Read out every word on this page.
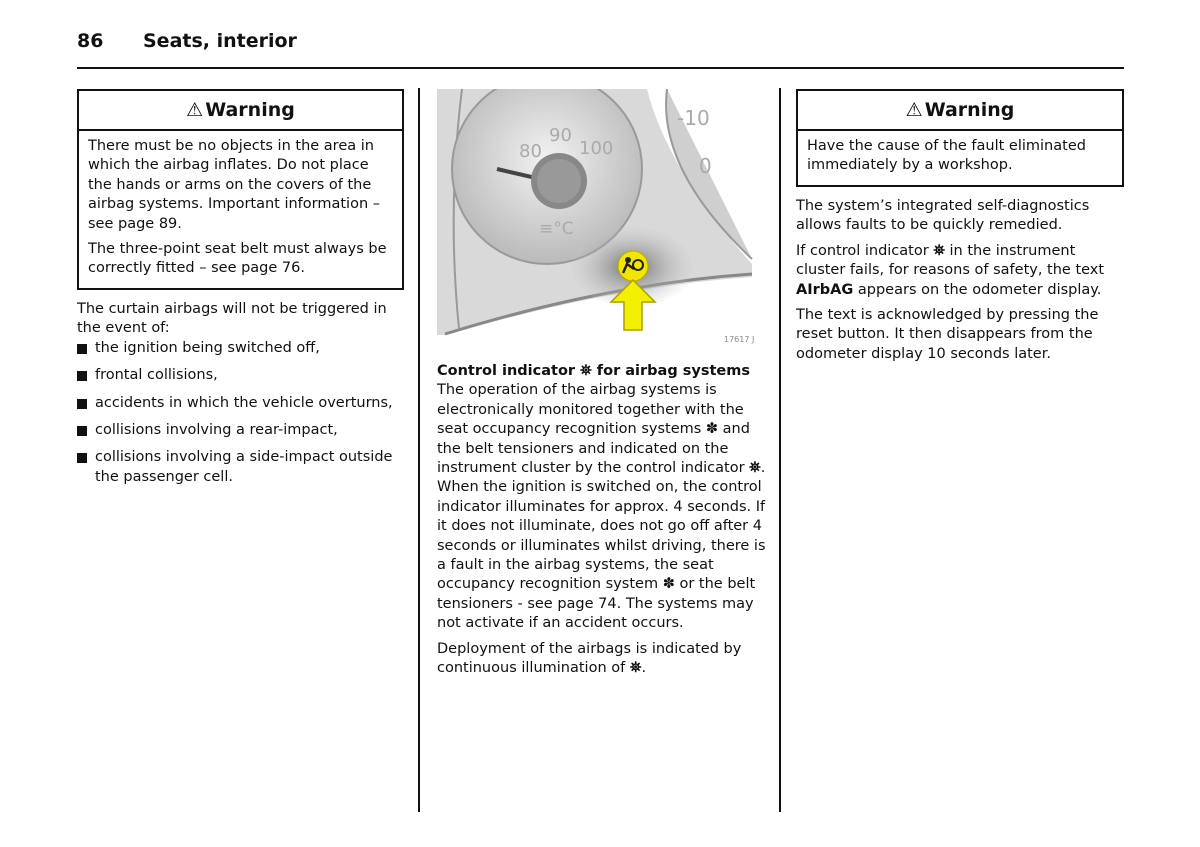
86 Seats, interior
⚠ Warning

There must be no objects in the area in which the airbag inflates. Do not place the hands or arms on the covers of the airbag systems. Important information – see page 89.

The three-point seat belt must always be correctly fitted – see page 76.

The curtain airbags will not be triggered in the event of:

the ignition being switched off,
frontal collisions,
accidents in which the vehicle overturns,
collisions involving a rear-impact,
collisions involving a side-impact outside the passenger cell.
80
90
100
-10
0
≡°C
17617 J
Control indicator ⛯ for airbag systems

The operation of the airbag systems is electronically monitored together with the seat occupancy recognition systems ✽ and the belt tensioners and indicated on the instrument cluster by the control indicator ⛯. When the ignition is switched on, the control indicator illuminates for approx. 4 seconds. If it does not illuminate, does not go off after 4 seconds or illuminates whilst driving, there is a fault in the airbag systems, the seat occupancy recognition system ✽ or the belt tensioners - see page 74. The systems may not activate if an accident occurs.

Deployment of the airbags is indicated by continuous illumination of ⛯.

⚠ Warning

Have the cause of the fault eliminated immediately by a workshop.

The system’s integrated self-diagnostics allows faults to be quickly remedied.

If control indicator ⛯ in the instrument cluster fails, for reasons of safety, the text AIrbAG appears on the odometer display.

The text is acknowledged by pressing the reset button. It then disappears from the odometer display 10 seconds later.
